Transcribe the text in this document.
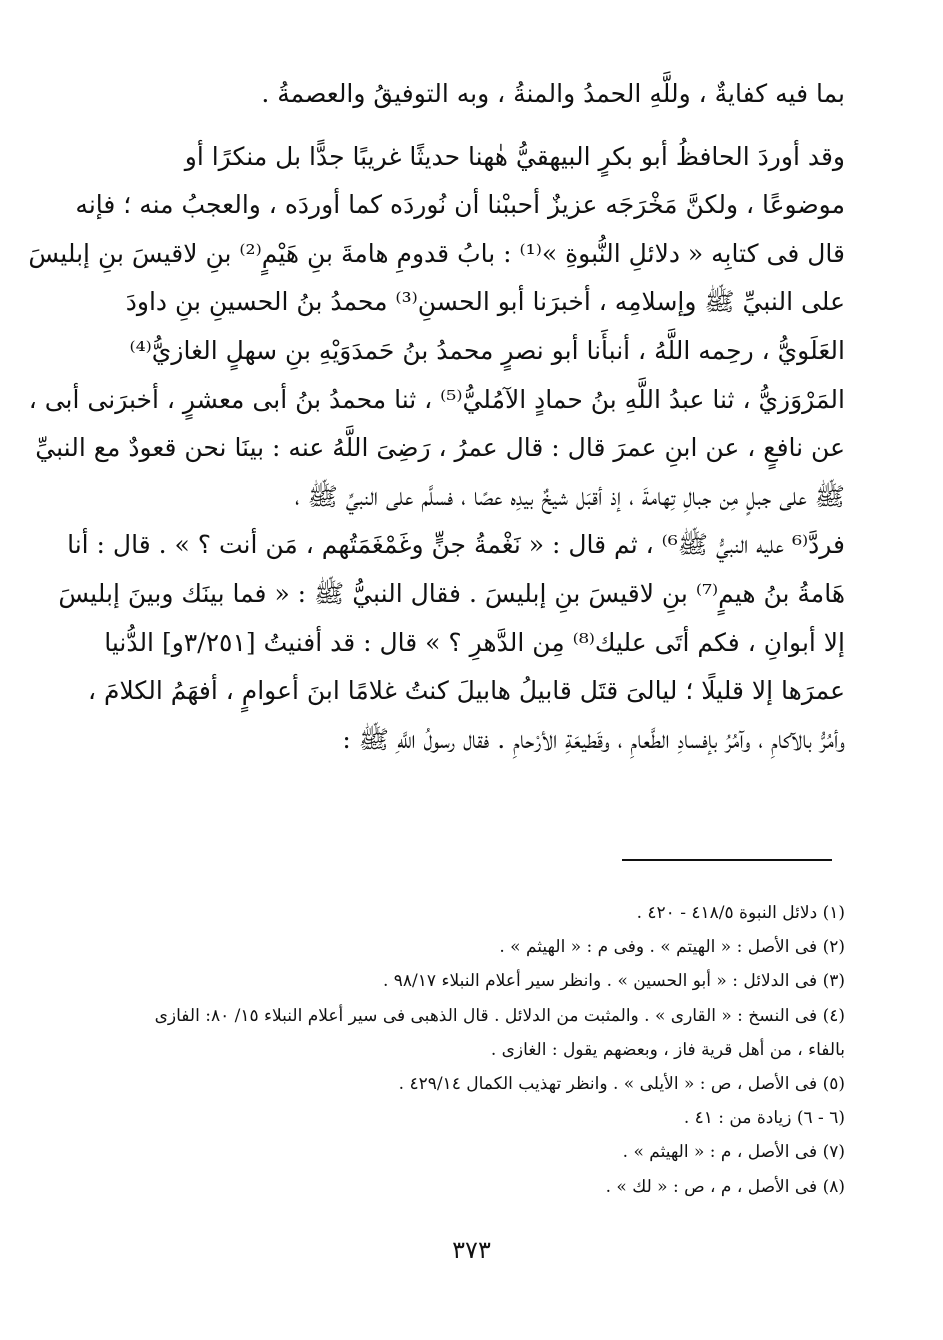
بما فيه كفايةٌ ، وللَّهِ الحمدُ والمنةُ ، وبه التوفيقُ والعصمةُ .
وقد أوردَ الحافظُ أبو بكرٍ البيهقيُّ هٰهنا حديثًا غريبًا جدًّا بل منكرًا أو
موضوعًا ، ولكنَّ مَخْرَجَه عزيزٌ أحببْنا أن نُوردَه كما أوردَه ، والعجبُ منه ؛ فإنه
قال فى كتابِه « دلائلِ النُّبوةِ »⁽¹⁾ : بابُ قدومِ هامةَ بنِ هَيْمٍ⁽²⁾ بنِ لاقيسَ بنِ إبليسَ
على النبيِّ ﷺ وإسلامِه ، أخبرَنا أبو الحسنِ⁽³⁾ محمدُ بنُ الحسينِ بنِ داودَ
العَلَويُّ ، رحِمه اللَّهُ ، أنبأَنا أبو نصرٍ محمدُ بنُ حَمدَوَيْهِ بنِ سهلٍ الغازيُّ⁽⁴⁾
المَرْوَزيُّ ، ثنا عبدُ اللَّهِ بنُ حمادٍ الآمُليُّ⁽⁵⁾ ، ثنا محمدُ بنُ أبى معشرٍ ، أخبرَنى أبى ،
عن نافعٍ ، عن ابنِ عمرَ قال : قال عمرُ ، رَضِىَ اللَّهُ عنه : بينَا نحن قعودٌ مع النبيِّ
ﷺ على جبلٍ مِن جبالِ تِهامةَ ، إذ أقبَل شيخٌ بيدِه عصًا ، فسلَّم على النبيِّ ﷺ ،
فردَّ⁽⁶ عليه النبيُّ ﷺ⁶⁾ ، ثم قال : « نَغْمةُ جنٍّ وغَمْغَمَتُهم ، مَن أنت ؟ » . قال : أنا
هَامةُ بنُ هيمٍ⁽⁷⁾ بنِ لاقيسَ بنِ إبليسَ . فقال النبيُّ ﷺ : « فما بينَك وبينَ إبليسَ
إلا أبوانِ ، فكم أتَى عليك⁽⁸⁾ مِن الدَّهرِ ؟ » قال : قد أفنيتُ [٣/٢٥١و] الدُّنيا
عمرَها إلا قليلًا ؛ ليالىَ قتَل قابيلُ هابيلَ كنتُ غلامًا ابنَ أعوامٍ ، أفهَمُ الكلامَ ،
وأمُرُّ بالآكامِ ، وآمُرُ بإفسادِ الطَّعامِ ، وقَطيعَةِ الأرْحامِ . فقال رسولُ اللَّهِ ﷺ :
(١) دلائل النبوة ٤١٨/٥ - ٤٢٠ .
(٢) فى الأصل : « الهيتم » . وفى م : « الهيثم » .
(٣) فى الدلائل : « أبو الحسين » . وانظر سير أعلام النبلاء ٩٨/١٧ .
(٤) فى النسخ : « القارى » . والمثبت من الدلائل . قال الذهبى فى سير أعلام النبلاء ١٥/ ٨٠: الفازى
بالفاء ، من أهل قرية فاز ، وبعضهم يقول : الغازى .
(٥) فى الأصل ، ص : « الأيلى » . وانظر تهذيب الكمال ٤٢٩/١٤ .
(٦ - ٦) زيادة من : ٤١ .
(٧) فى الأصل ، م : « الهيثم » .
(٨) فى الأصل ، م ، ص : « لك » .
٣٧٣
